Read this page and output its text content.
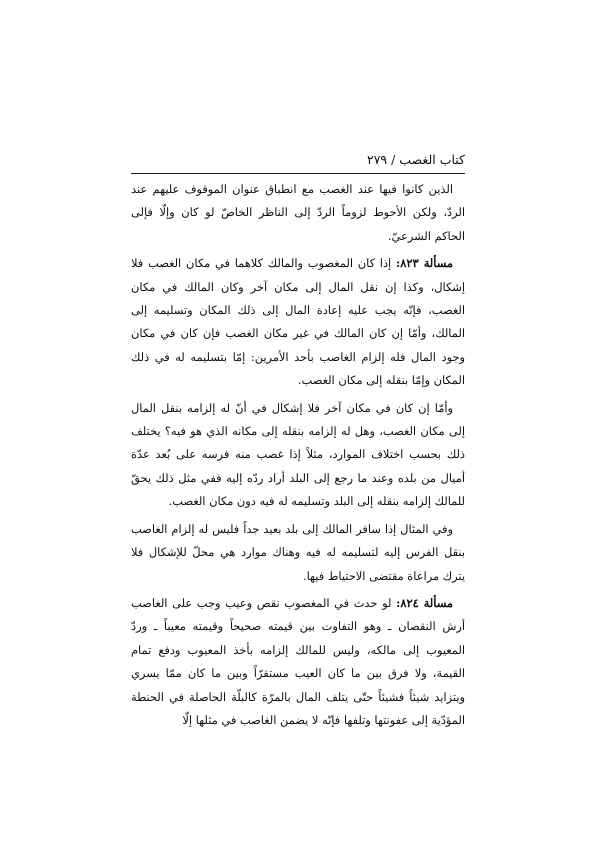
كتاب الغصب / ٢٧٩

الذين كانوا فيها عند الغصب مع انطباق عنوان الموقوف عليهم عند الردّ، ولكن الأحوط لزوماً الردّ إلى الناظر الخاصّ لو كان وإلّا فإلى الحاكم الشرعيّ.

مسألة ٨٢٣: إذا كان المغصوب والمالك كلاهما في مكان الغصب فلا إشكال، وكذا إن نقل المال إلى مكان آخر وكان المالك في مكان الغصب، فإنّه يجب عليه إعادة المال إلى ذلك المكان وتسليمه إلى المالك، وأمّا إن كان المالك في غير مكان الغصب فإن كان في مكان وجود المال فله إلزام الغاصب بأحد الأمرين: إمّا بتسليمه له في ذلك المكان وإمّا بنقله إلى مكان الغصب.

وأمّا إن كان في مكان آخر فلا إشكال في أنّ له إلزامه بنقل المال إلى مكان الغصب، وهل له إلزامه بنقله إلى مكانه الذي هو فيه؟ يختلف ذلك بحسب اختلاف الموارد، مثلاً إذا غصب منه فرسه على بُعد عدّة أميال من بلده وعند ما رجع إلى البلد أراد ردّه إليه ففي مثل ذلك يحقّ للمالك إلزامه بنقله إلى البلد وتسليمه له فيه دون مكان الغصب.

وفي المثال إذا سافر المالك إلى بلد بعيد جداً فليس له إلزام الغاصب بنقل الفرس إليه لتسليمه له فيه وهناك موارد هي محلّ للإشكال فلا يترك مراعاة مقتضى الاحتياط فيها.

مسألة ٨٢٤: لو حدث في المغصوب نقص وعيب وجب على الغاصب أرش النقصان ـ وهو التفاوت بين قيمته صحيحاً وقيمته معيباً ـ وردّ المعيوب إلى مالكه، وليس للمالك إلزامه بأخذ المعيوب ودفع تمام القيمة، ولا فرق بين ما كان العيب مستقرّاً وبين ما كان ممّا يسري ويتزايد شيئاً فشيئاً حتّى يتلف المال بالمرّة كالبلّة الحاصلة في الحنطة المؤدّية إلى عفونتها وتلفها فإنّه لا يضمن الغاصب في مثلها إلّا
